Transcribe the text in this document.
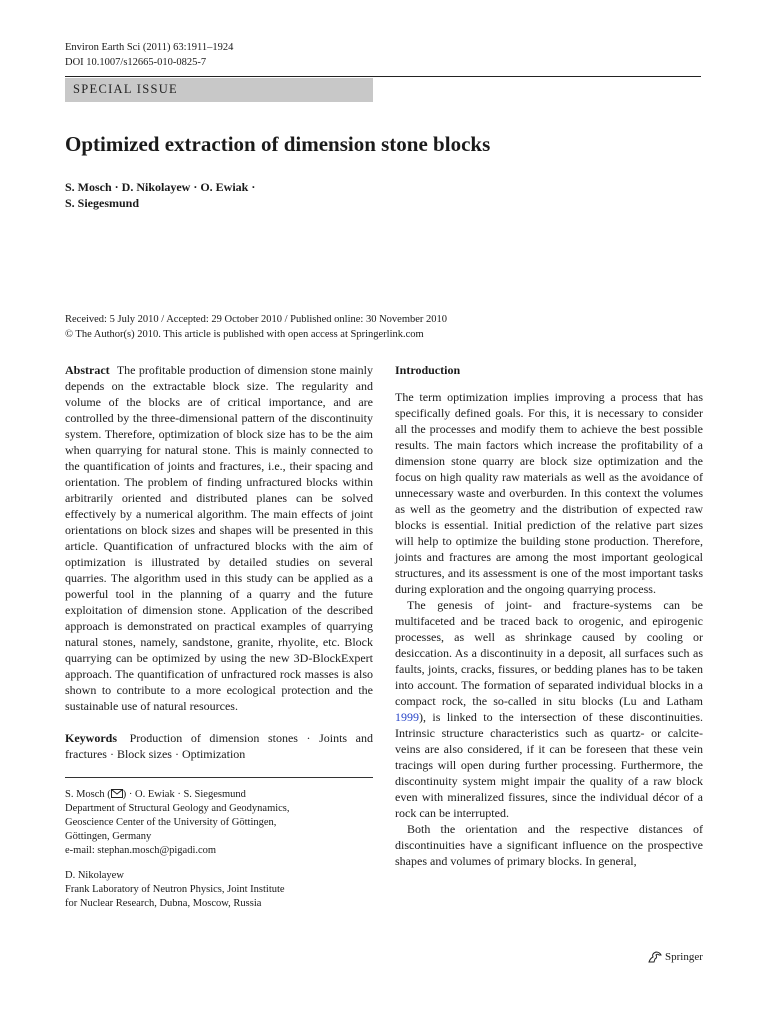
Environ Earth Sci (2011) 63:1911–1924
DOI 10.1007/s12665-010-0825-7
SPECIAL ISSUE
Optimized extraction of dimension stone blocks
S. Mosch · D. Nikolayew · O. Ewiak ·
S. Siegesmund
Received: 5 July 2010 / Accepted: 29 October 2010 / Published online: 30 November 2010
© The Author(s) 2010. This article is published with open access at Springerlink.com

Abstract The profitable production of dimension stone mainly depends on the extractable block size. The regularity and volume of the blocks are of critical importance, and are controlled by the three-dimensional pattern of the discontinuity system. Therefore, optimization of block size has to be the aim when quarrying for natural stone. This is mainly connected to the quantification of joints and fractures, i.e., their spacing and orientation. The problem of finding unfractured blocks within arbitrarily oriented and distributed planes can be solved effectively by a numerical algorithm. The main effects of joint orientations on block sizes and shapes will be presented in this article. Quantification of unfractured blocks with the aim of optimization is illustrated by detailed studies on several quarries. The algorithm used in this study can be applied as a powerful tool in the planning of a quarry and the future exploitation of dimension stone. Application of the described approach is demonstrated on practical examples of quarrying natural stones, namely, sandstone, granite, rhyolite, etc. Block quarrying can be optimized by using the new 3D-BlockExpert approach. The quantification of unfractured rock masses is also shown to contribute to a more ecological protection and the sustainable use of natural resources.

Keywords Production of dimension stones · Joints and fractures · Block sizes · Optimization

S. Mosch ( ) · O. Ewiak · S. Siegesmund
Department of Structural Geology and Geodynamics,
Geoscience Center of the University of Göttingen,
Göttingen, Germany
e-mail: stephan.mosch@pigadi.com
D. Nikolayew
Frank Laboratory of Neutron Physics, Joint Institute
for Nuclear Research, Dubna, Moscow, Russia
Introduction

The term optimization implies improving a process that has specifically defined goals. For this, it is necessary to consider all the processes and modify them to achieve the best possible results. The main factors which increase the profitability of a dimension stone quarry are block size optimization and the focus on high quality raw materials as well as the avoidance of unnecessary waste and overburden. In this context the volumes as well as the geometry and the distribution of expected raw blocks is essential. Initial prediction of the relative part sizes will help to optimize the building stone production. Therefore, joints and fractures are among the most important geological structures, and its assessment is one of the most important tasks during exploration and the ongoing quarrying process.

The genesis of joint- and fracture-systems can be multifaceted and be traced back to orogenic, and epirogenic processes, as well as shrinkage caused by cooling or desiccation. As a discontinuity in a deposit, all surfaces such as faults, joints, cracks, fissures, or bedding planes has to be taken into account. The formation of separated individual blocks in a compact rock, the so-called in situ blocks (Lu and Latham 1999), is linked to the intersection of these discontinuities. Intrinsic structure characteristics such as quartz- or calcite-veins are also considered, if it can be foreseen that these vein tracings will open during further processing. Furthermore, the discontinuity system might impair the quality of a raw block even with mineralized fissures, since the individual décor of a rock can be interrupted.

Both the orientation and the respective distances of discontinuities have a significant influence on the prospective shapes and volumes of primary blocks. In general,

Springer
